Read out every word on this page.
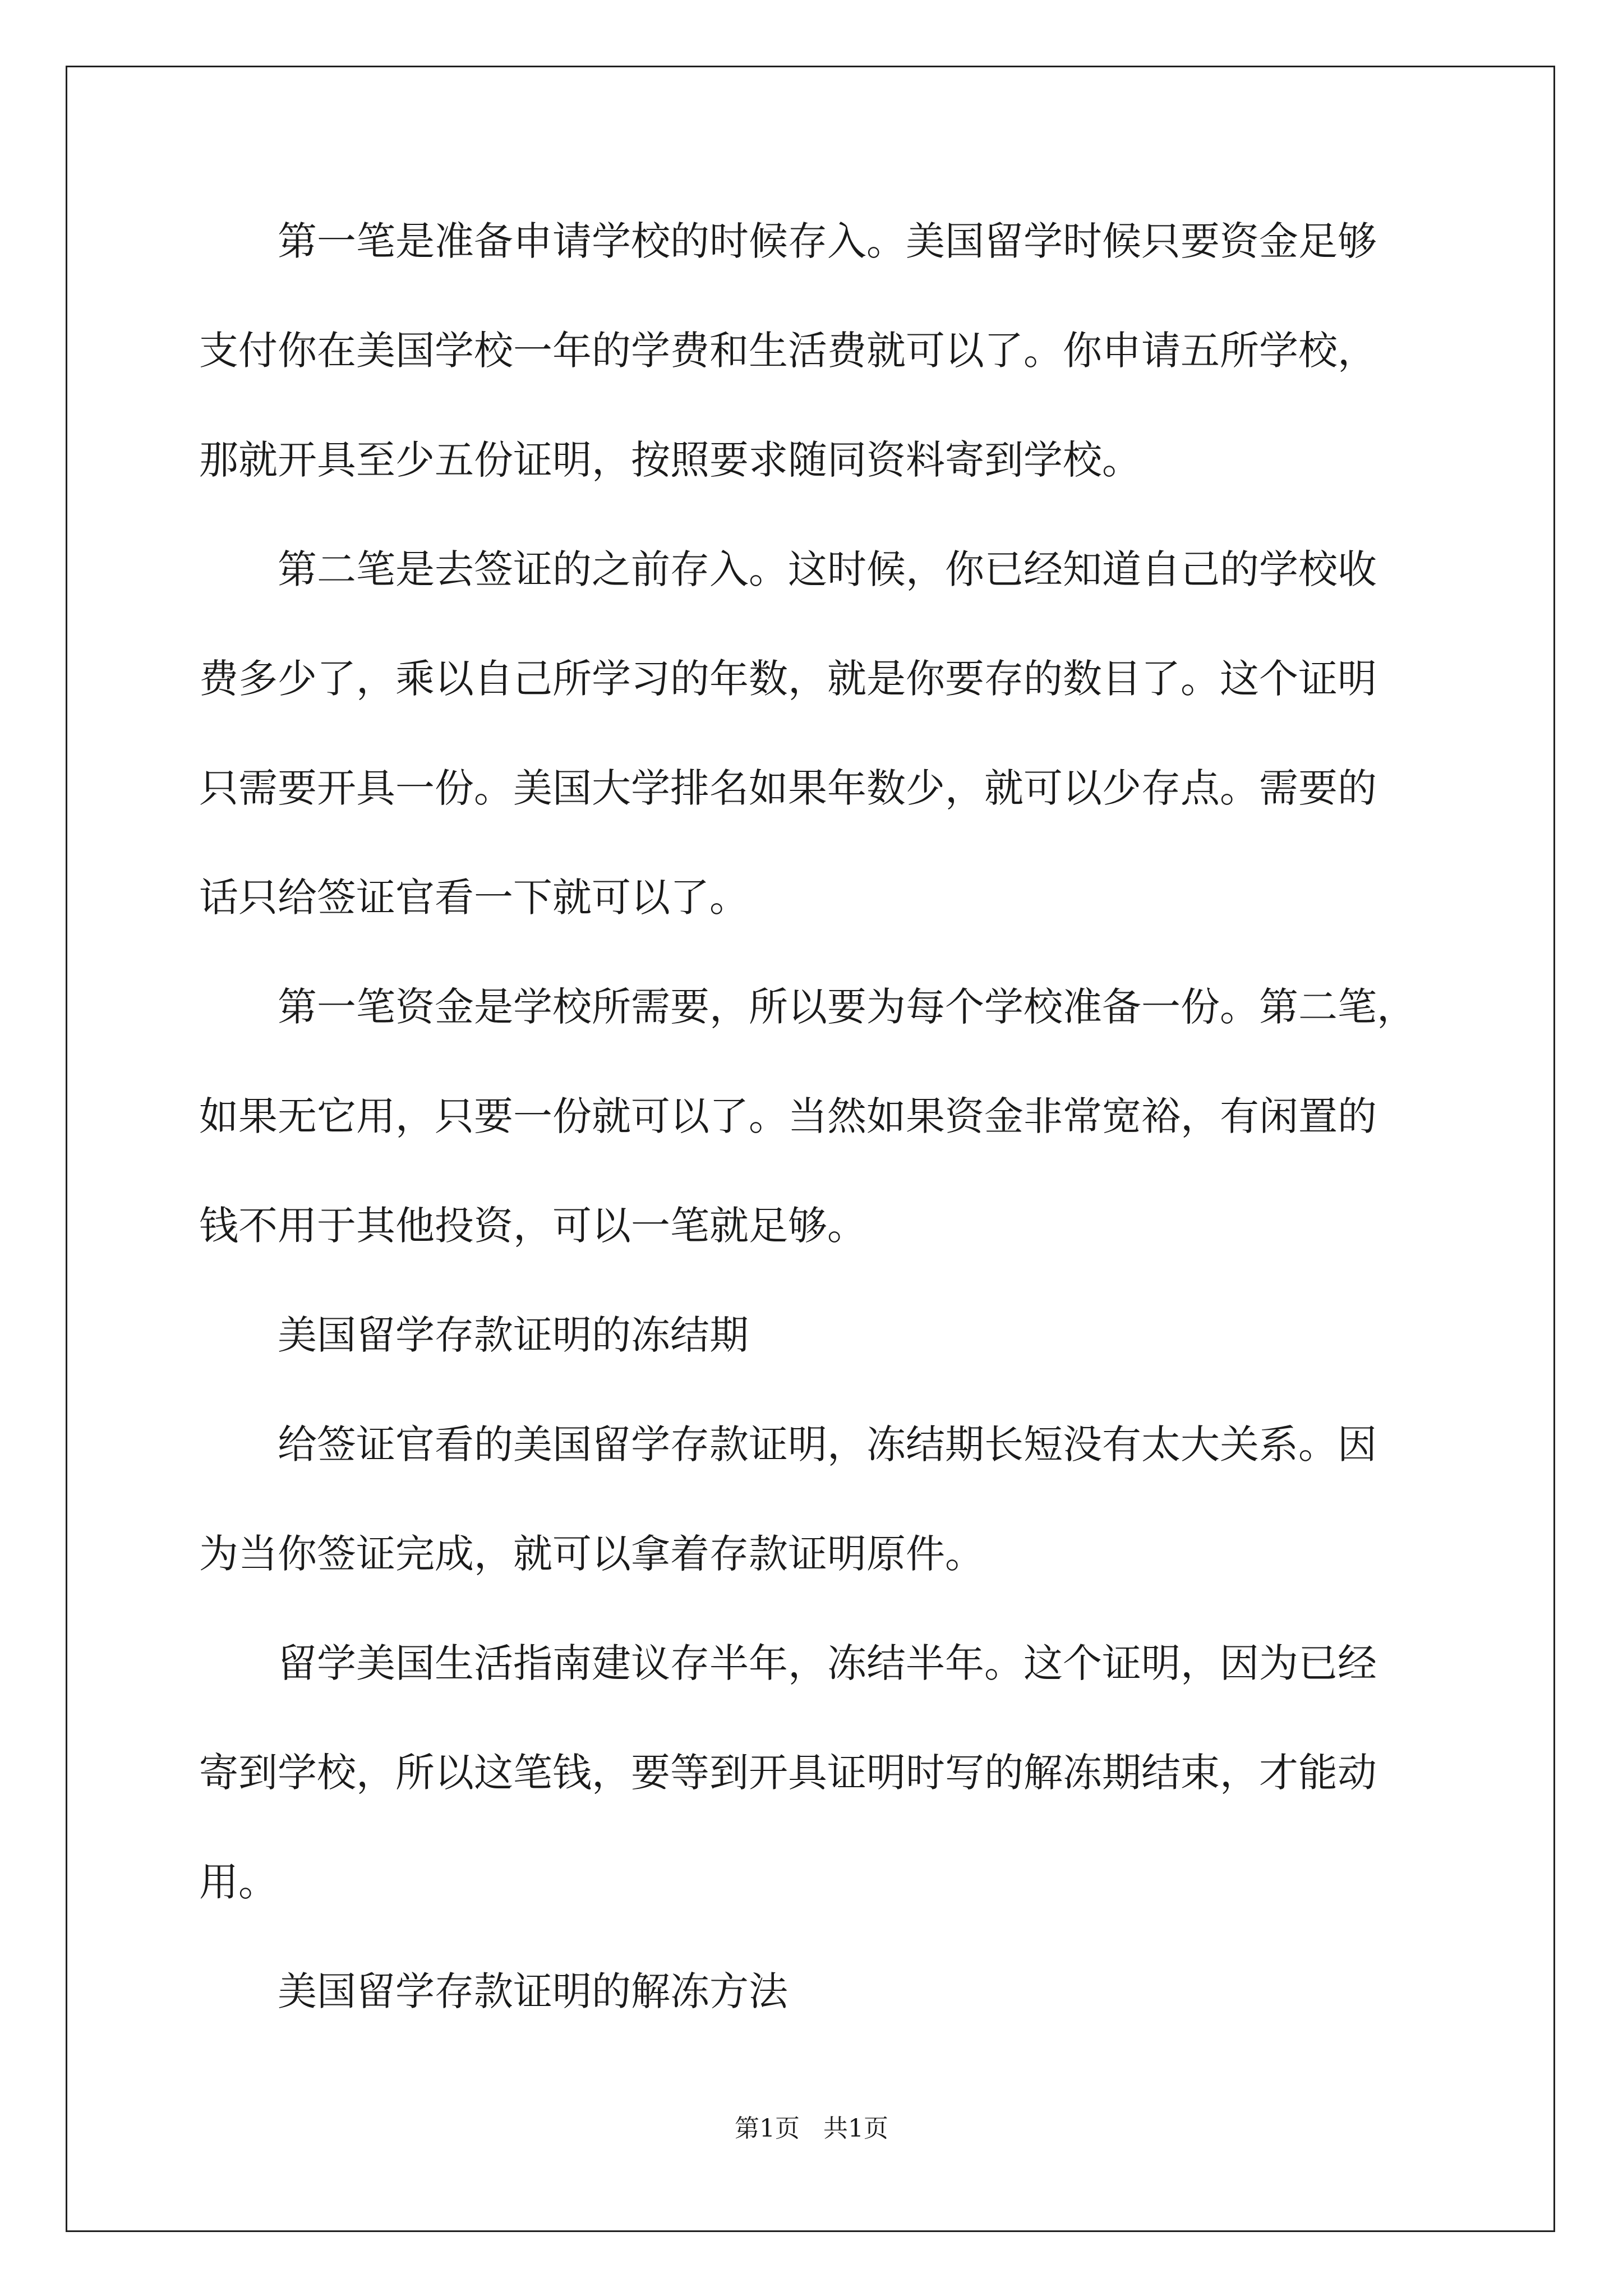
　　第一笔是准备申请学校的时候存入。美国留学时候只要资金足够
支付你在美国学校一年的学费和生活费就可以了。你申请五所学校，
那就开具至少五份证明，按照要求随同资料寄到学校。
　　第二笔是去签证的之前存入。这时候，你已经知道自己的学校收
费多少了，乘以自己所学习的年数，就是你要存的数目了。这个证明
只需要开具一份。美国大学排名如果年数少，就可以少存点。需要的
话只给签证官看一下就可以了。
　　第一笔资金是学校所需要，所以要为每个学校准备一份。第二笔，
如果无它用，只要一份就可以了。当然如果资金非常宽裕，有闲置的
钱不用于其他投资，可以一笔就足够。
　　美国留学存款证明的冻结期
　　给签证官看的美国留学存款证明，冻结期长短没有太大关系。因
为当你签证完成，就可以拿着存款证明原件。
　　留学美国生活指南建议存半年，冻结半年。这个证明，因为已经
寄到学校，所以这笔钱，要等到开具证明时写的解冻期结束，才能动
用。
　　美国留学存款证明的解冻方法
第1页   共1页
